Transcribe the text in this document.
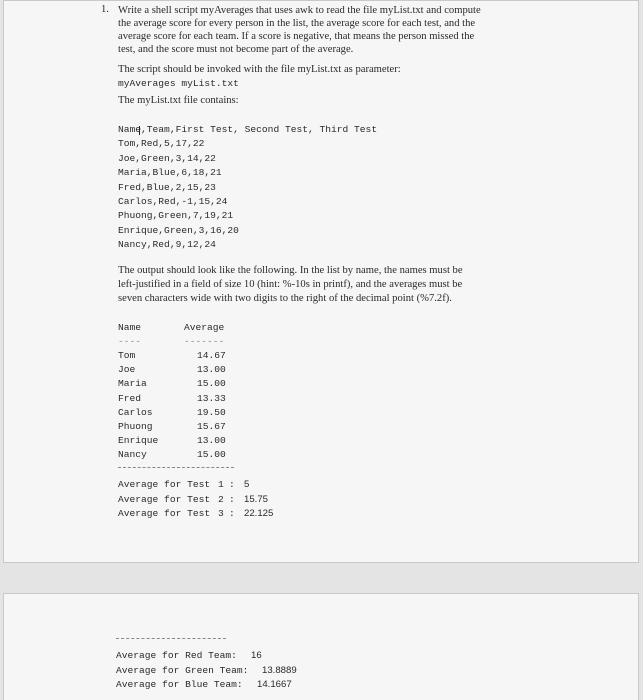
1. Write a shell script myAverages that uses awk to read the file myList.txt and compute
the average score for every person in the list, the average score for each test, and the
average score for each team. If a score is negative, that means the person missed the
test, and the score must not become part of the average.
The script should be invoked with the file myList.txt as parameter:
myAverages myList.txt
The myList.txt file contains:
Name,Team,First Test, Second Test, Third Test
Tom,Red,5,17,22
Joe,Green,3,14,22
Maria,Blue,6,18,21
Fred,Blue,2,15,23
Carlos,Red,-1,15,24
Phuong,Green,7,19,21
Enrique,Green,3,16,20
Nancy,Red,9,12,24
The output should look like the following. In the list by name, the names must be
left-justified in a field of size 10 (hint: %-10s in printf), and the averages must be
seven characters wide with two digits to the right of the decimal point (%7.2f).
Name	Average
----	-------
Tom	14.67
Joe	13.00
Maria	15.00
Fred	13.33
Carlos	19.50
Phuong	15.67
Enrique	13.00
Nancy	15.00
Average for Test 1 : 5
Average for Test 2 : 15.75
Average for Test 3 : 22.125
Average for Red Team: 16
Average for Green Team: 13.8889
Average for Blue Team: 14.1667
